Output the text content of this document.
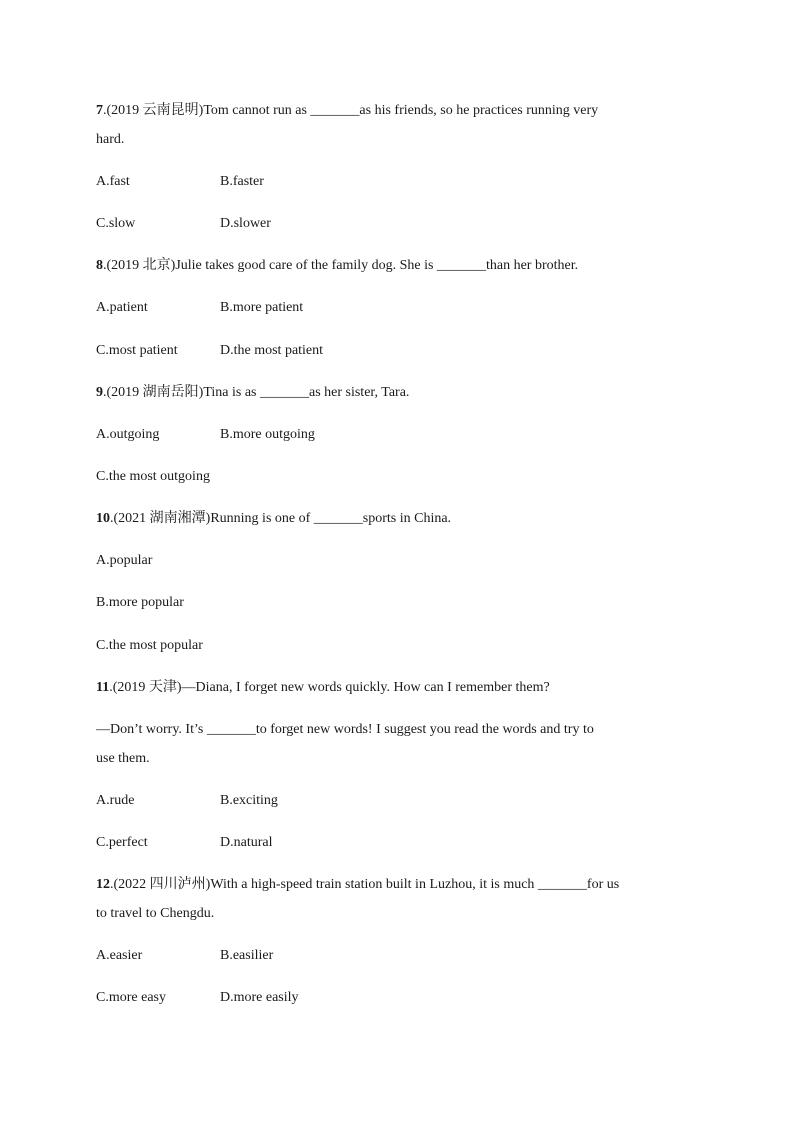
7.(2019 云南昆明)Tom cannot run as _______as his friends, so he practices running very
hard.
A.fast	B.faster
C.slow	D.slower
8.(2019 北京)Julie takes good care of the family dog. She is _______than her brother.
A.patient	B.more patient
C.most patient	D.the most patient
9.(2019 湖南岳阳)Tina is as _______as her sister, Tara.
A.outgoing	B.more outgoing
C.the most outgoing
10.(2021 湖南湘潭)Running is one of _______sports in China.
A.popular
B.more popular
C.the most popular
11.(2019 天津)—Diana, I forget new words quickly. How can I remember them?
—Don’t worry. It’s _______to forget new words! I suggest you read the words and try to
use them.
A.rude	B.exciting
C.perfect	D.natural
12.(2022 四川泸州)With a high-speed train station built in Luzhou, it is much _______for us
to travel to Chengdu.
A.easier	B.easilier
C.more easy	D.more easily
